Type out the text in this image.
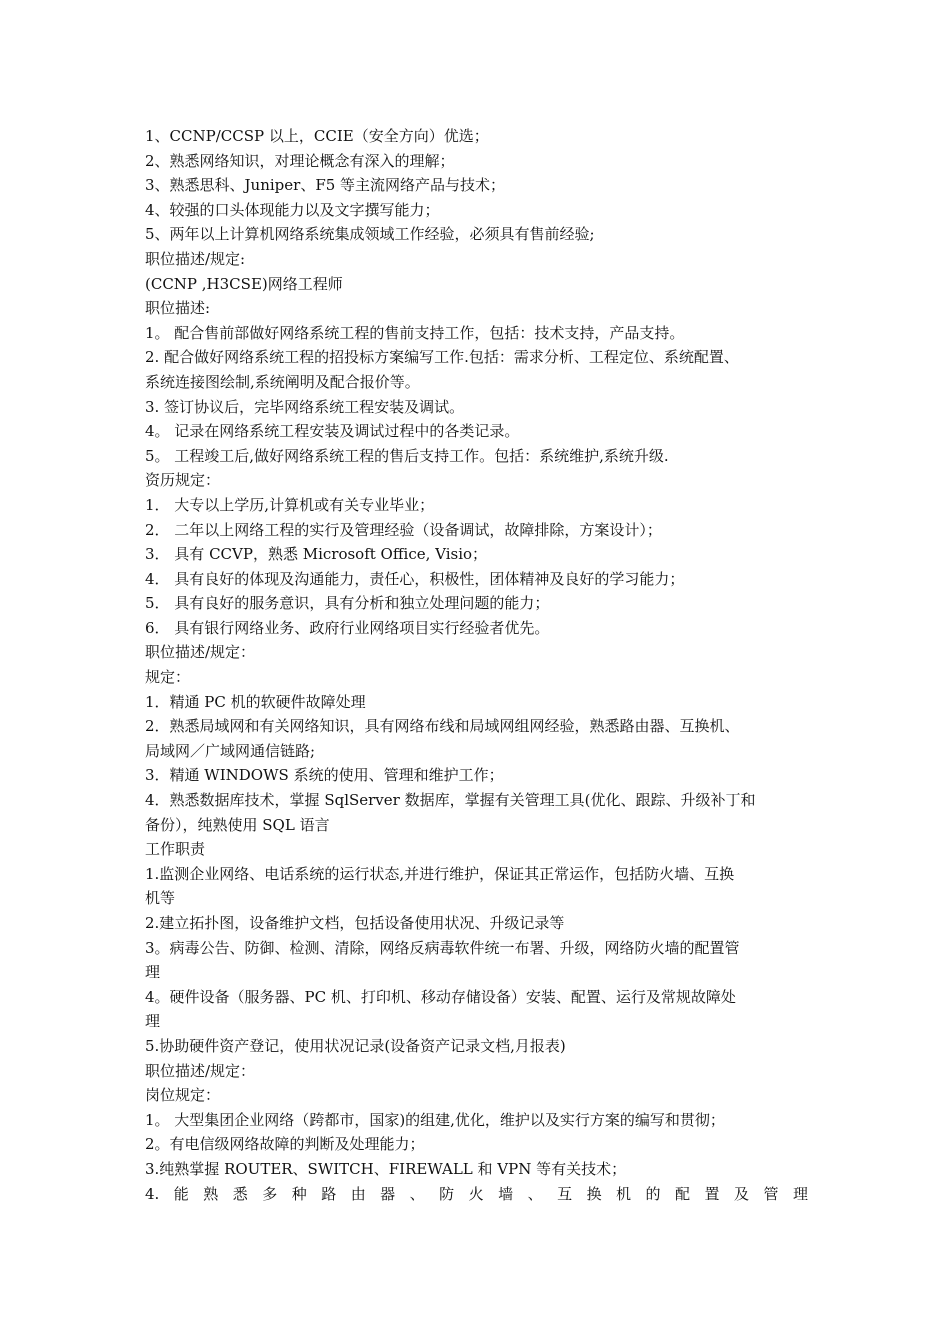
1、CCNP/CCSP 以上，CCIE（安全方向）优选；
2、熟悉网络知识，对理论概念有深入的理解；
3、熟悉思科、Juniper、F5 等主流网络产品与技术；
4、较强的口头体现能力以及文字撰写能力；
5、两年以上计算机网络系统集成领域工作经验，必须具有售前经验;
职位描述/规定:
(CCNP ,H3CSE)网络工程师
职位描述:
1。 配合售前部做好网络系统工程的售前支持工作，包括：技术支持，产品支持。
2. 配合做好网络系统工程的招投标方案编写工作.包括：需求分析、工程定位、系统配置、
系统连接图绘制,系统阐明及配合报价等。
3. 签订协议后，完毕网络系统工程安装及调试。
4。 记录在网络系统工程安装及调试过程中的各类记录。
5。 工程竣工后,做好网络系统工程的售后支持工作。包括：系统维护,系统升级.
资历规定：
1． 大专以上学历,计算机或有关专业毕业；
2． 二年以上网络工程的实行及管理经验（设备调试，故障排除，方案设计）；
3． 具有 CCVP，熟悉 Microsoft Office, Visio；
4． 具有良好的体现及沟通能力，责任心，积极性，团体精神及良好的学习能力；
5． 具有良好的服务意识，具有分析和独立处理问题的能力；
6． 具有银行网络业务、政府行业网络项目实行经验者优先。
职位描述/规定：
规定：
1．精通 PC 机的软硬件故障处理
2．熟悉局域网和有关网络知识，具有网络布线和局域网组网经验，熟悉路由器、互换机、
局域网／广域网通信链路;
3．精通 WINDOWS 系统的使用、管理和维护工作；
4．熟悉数据库技术，掌握 SqlServer 数据库，掌握有关管理工具(优化、跟踪、升级补丁和
备份），纯熟使用 SQL 语言
工作职责
1.监测企业网络、电话系统的运行状态,并进行维护，保证其正常运作，包括防火墙、互换
机等
2.建立拓扑图，设备维护文档，包括设备使用状况、升级记录等
3。病毒公告、防御、检测、清除，网络反病毒软件统一布署、升级，网络防火墙的配置管
理
4。硬件设备（服务器、PC 机、打印机、移动存储设备）安装、配置、运行及常规故障处
理
5.协助硬件资产登记，使用状况记录(设备资产记录文档,月报表)
职位描述/规定：
岗位规定：
1。 大型集团企业网络（跨都市，国家)的组建,优化，维护以及实行方案的编写和贯彻；
2。有电信级网络故障的判断及处理能力；
3.纯熟掌握 ROUTER、SWITCH、FIREWALL 和 VPN 等有关技术；
4. 能 熟 悉 多 种 路 由 器 、 防 火 墙 、 互 换 机 的 配 置 及 管 理
